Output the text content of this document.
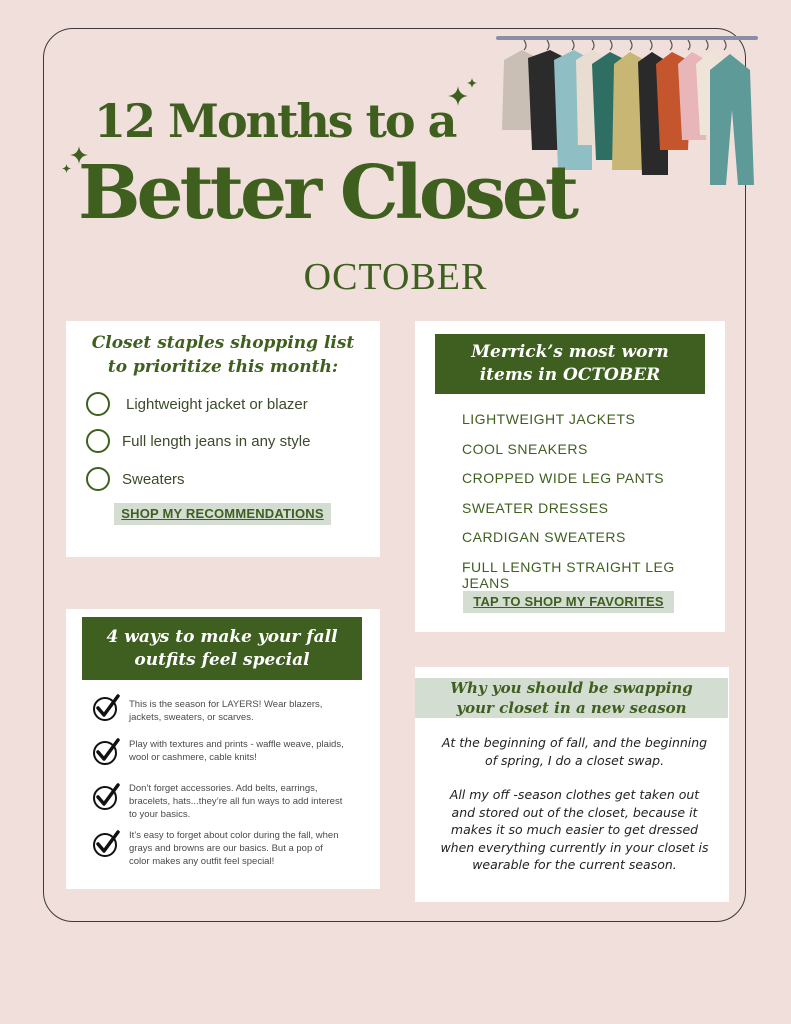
12 Months to a
Better Closet
OCTOBER
Closet staples shopping list
to prioritize this month:
Lightweight jacket or blazer
Full length jeans in any style
Sweaters
SHOP MY RECOMMENDATIONS
Merrick’s most worn
items in OCTOBER
LIGHTWEIGHT JACKETS
COOL SNEAKERS
CROPPED WIDE LEG PANTS
SWEATER DRESSES
CARDIGAN SWEATERS
FULL LENGTH STRAIGHT LEG JEANS
TAP TO SHOP MY FAVORITES
4 ways to make your fall
outfits feel special
This is the season for LAYERS! Wear blazers, jackets, sweaters, or scarves.
Play with textures and prints - waffle weave, plaids, wool or cashmere, cable knits!
Don’t forget accessories. Add belts, earrings, bracelets, hats...they’re all fun ways to add interest to your basics.
It’s easy to forget about color during the fall, when grays and browns are our basics. But a pop of color makes any outfit feel special!
Why you should be swapping
your closet in a new season
At the beginning of fall, and the beginning of spring, I do a closet swap.
All my off -season clothes get taken out and stored out of the closet, because it makes it so much easier to get dressed when everything currently in your closet is wearable for the current season.
